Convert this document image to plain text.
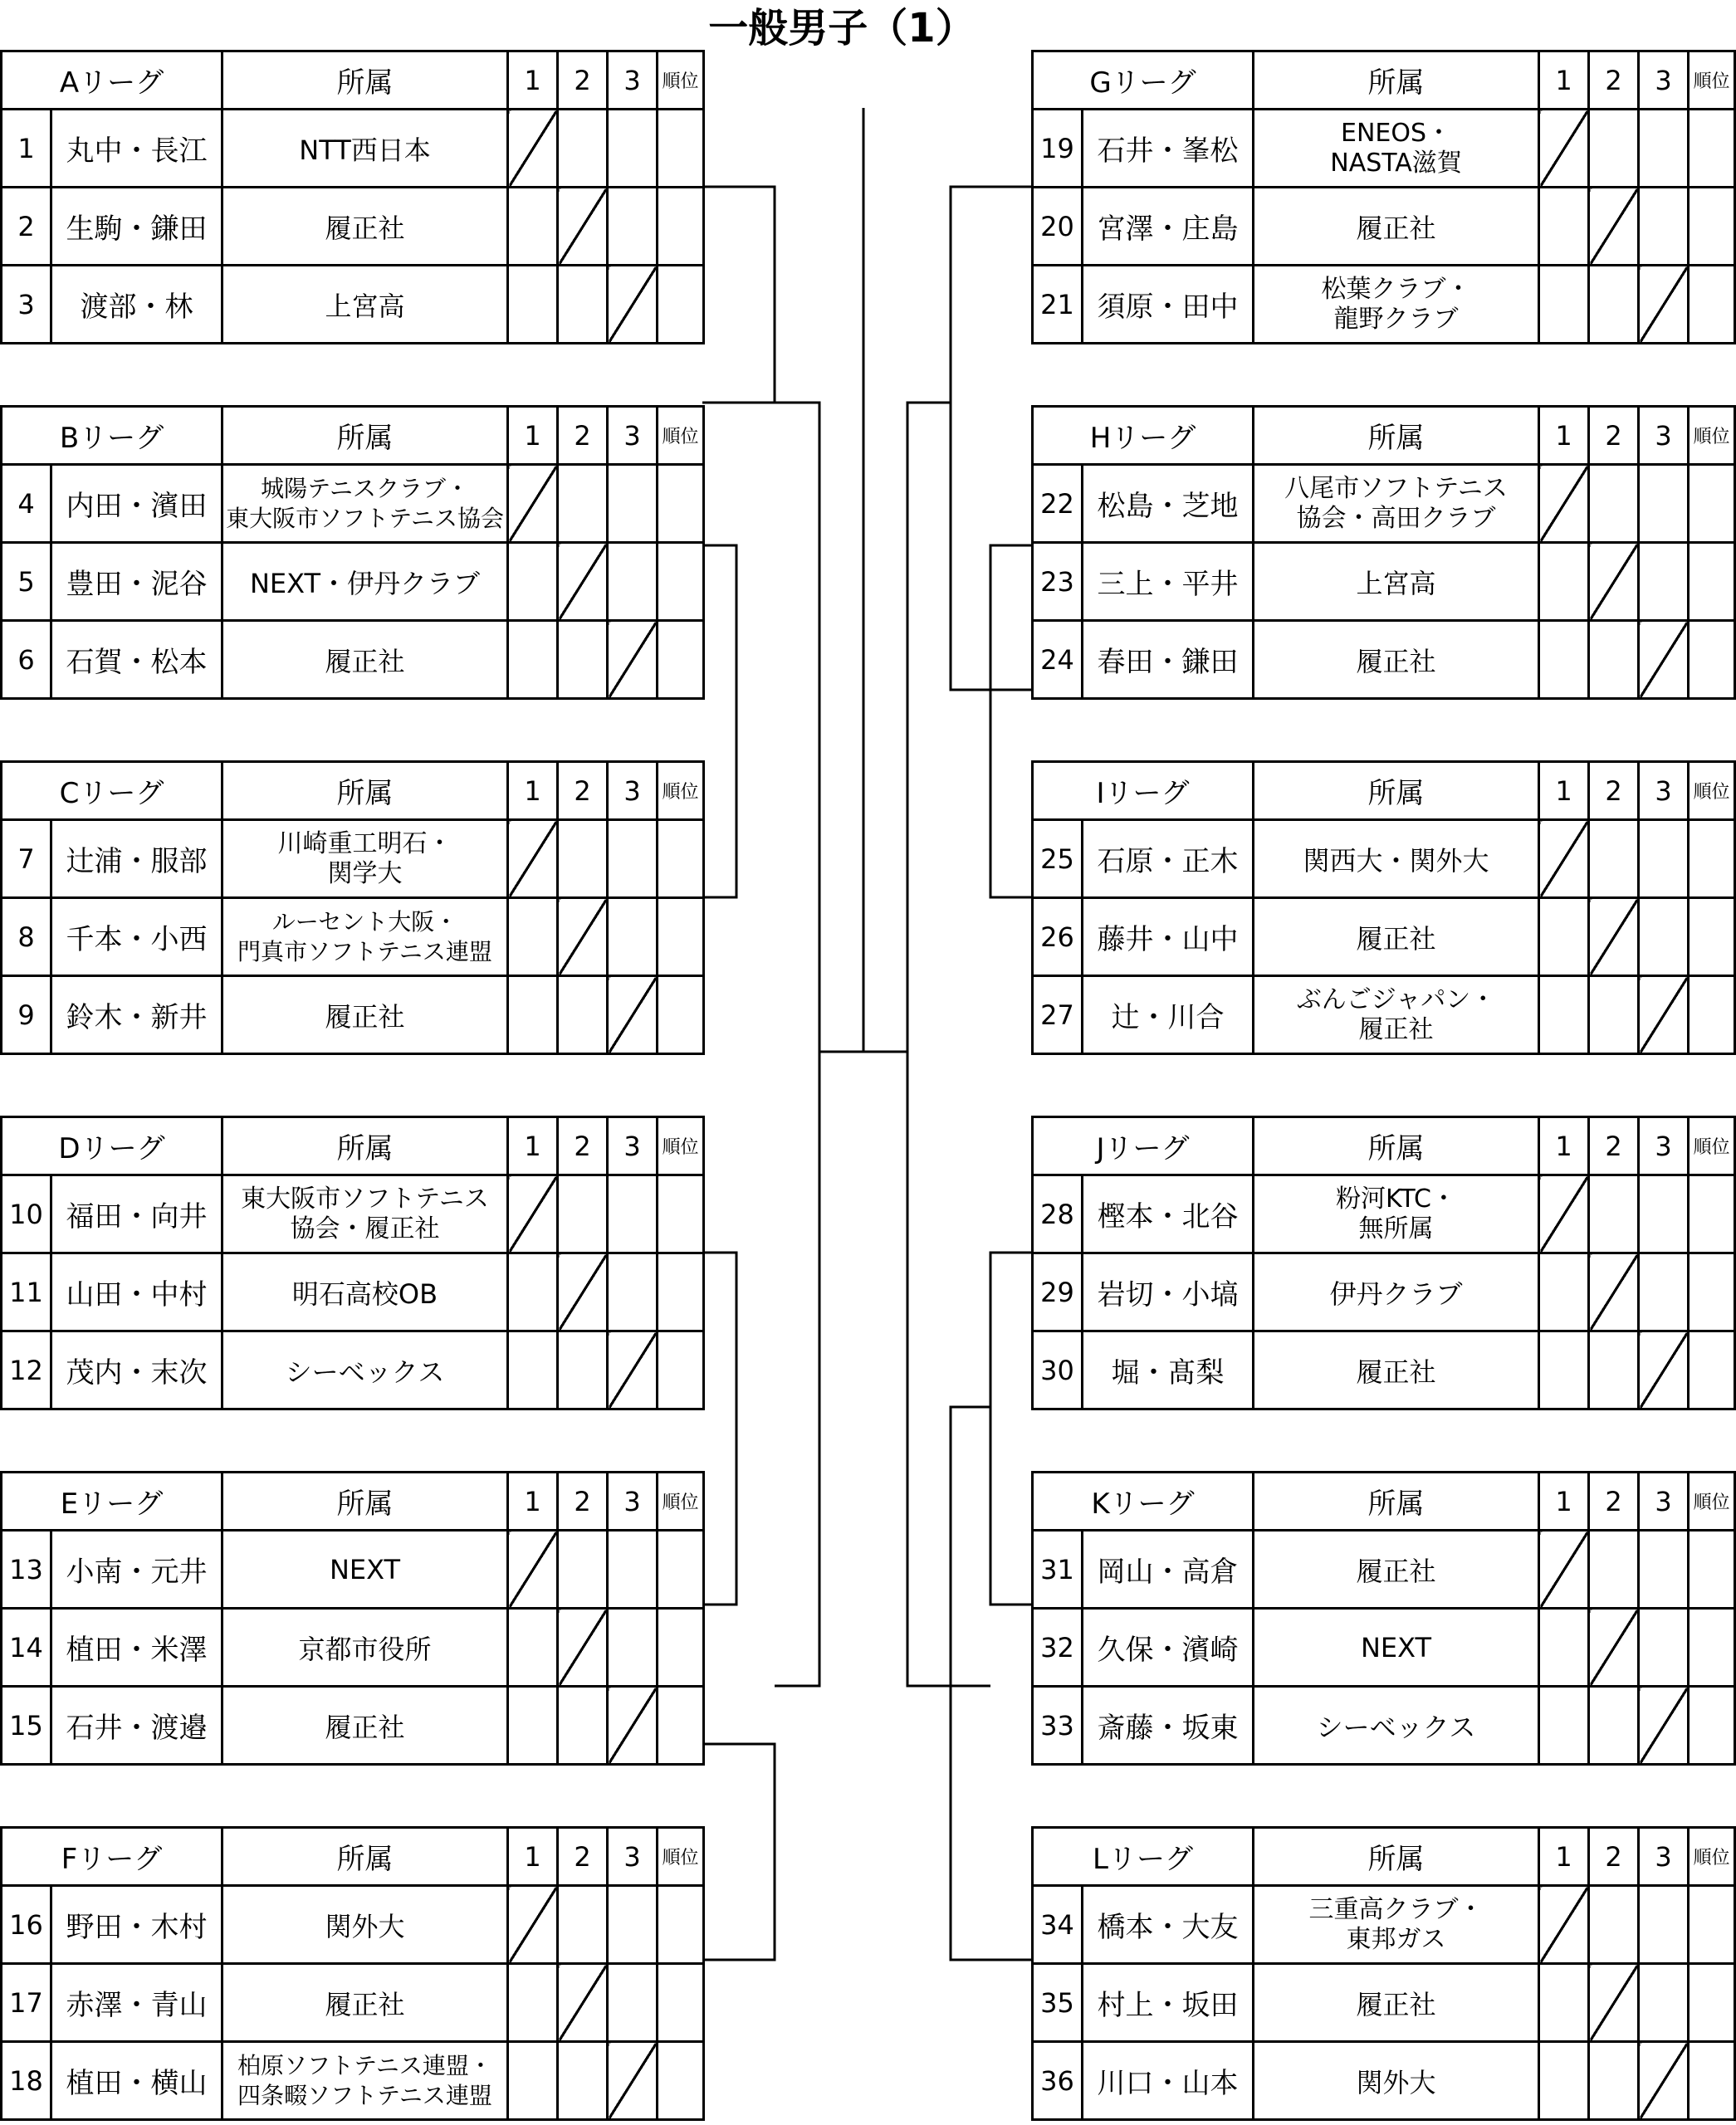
一般男子（1）
Aリーグ		所属	1	2	3	順位
1	丸中・長江	NTT西日本				
2	生駒・鎌田	履正社				
3	渡部・林	上宮高				
Bリーグ		所属	1	2	3	順位
4	内田・濱田	城陽テニスクラブ・
東大阪市ソフトテニス協会				
5	豊田・泥谷	NEXT・伊丹クラブ				
6	石賀・松本	履正社				
Cリーグ		所属	1	2	3	順位
7	辻浦・服部	川崎重工明石・
関学大				
8	千本・小西	ルーセント大阪・
門真市ソフトテニス連盟				
9	鈴木・新井	履正社				
Dリーグ		所属	1	2	3	順位
10	福田・向井	東大阪市ソフトテニス
協会・履正社				
11	山田・中村	明石高校OB				
12	茂内・末次	シーベックス				
Eリーグ		所属	1	2	3	順位
13	小南・元井	NEXT				
14	植田・米澤	京都市役所				
15	石井・渡邉	履正社				
Fリーグ		所属	1	2	3	順位
16	野田・木村	関外大				
17	赤澤・青山	履正社				
18	植田・横山	柏原ソフトテニス連盟・
四条畷ソフトテニス連盟				
Gリーグ		所属	1	2	3	順位
19	石井・峯松	ENEOS・
NASTA滋賀				
20	宮澤・庄島	履正社				
21	須原・田中	松葉クラブ・
龍野クラブ				
Hリーグ		所属	1	2	3	順位
22	松島・芝地	八尾市ソフトテニス
協会・高田クラブ				
23	三上・平井	上宮高				
24	春田・鎌田	履正社				
Iリーグ		所属	1	2	3	順位
25	石原・正木	関西大・関外大				
26	藤井・山中	履正社				
27	辻・川合	ぶんごジャパン・
履正社				
Jリーグ		所属	1	2	3	順位
28	樫本・北谷	粉河KTC・
無所属				
29	岩切・小塙	伊丹クラブ				
30	堀・髙梨	履正社				
Kリーグ		所属	1	2	3	順位
31	岡山・高倉	履正社				
32	久保・濱崎	NEXT				
33	斎藤・坂東	シーベックス				
Lリーグ		所属	1	2	3	順位
34	橋本・大友	三重高クラブ・
東邦ガス				
35	村上・坂田	履正社				
36	川口・山本	関外大				
